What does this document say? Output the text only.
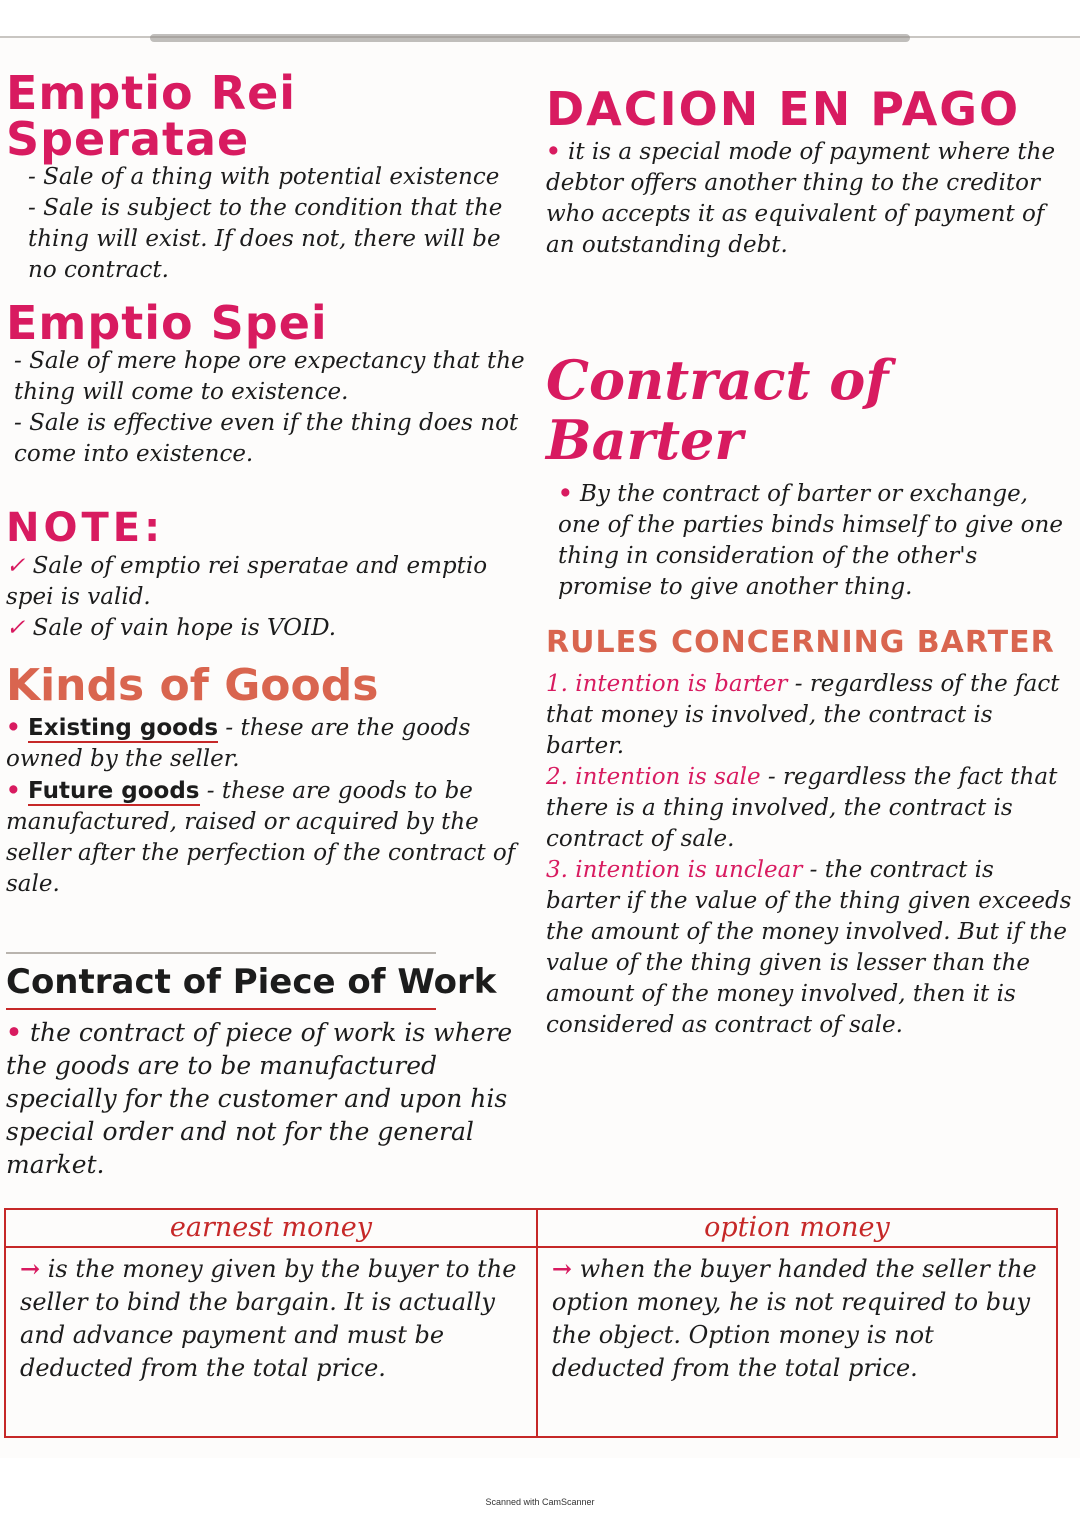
Emptio Rei Speratae

- Sale of a thing with potential existence

- Sale is subject to the condition that the thing will exist. If does not, there will be no contract.

Emptio Spei

- Sale of mere hope ore expectancy that the thing will come to existence.

- Sale is effective even if the thing does not come into existence.

NOTE:

✓ Sale of emptio rei speratae and emptio spei is valid.

✓ Sale of vain hope is VOID.

Kinds of Goods

• Existing goods - these are the goods owned by the seller.

• Future goods - these are goods to be manufactured, raised or acquired by the seller after the perfection of the contract of sale.

Contract of Piece of Work

• the contract of piece of work is where the goods are to be manufactured specially for the customer and upon his special order and not for the general market.

DACION EN PAGO

• it is a special mode of payment where the debtor offers another thing to the creditor who accepts it as equivalent of payment of an outstanding debt.

Contract of Barter

• By the contract of barter or exchange, one of the parties binds himself to give one thing in consideration of the other's promise to give another thing.

RULES CONCERNING BARTER

1. intention is barter - regardless of the fact that money is involved, the contract is barter.

2. intention is sale - regardless the fact that there is a thing involved, the contract is contract of sale.

3. intention is unclear - the contract is barter if the value of the thing given exceeds the amount of the money involved. But if the value of the thing given is lesser than the amount of the money involved, then it is considered as contract of sale.

earnest money	option money

→ is the money given by the buyer to the seller to bind the bargain. It is actually and advance payment and must be deducted from the total price.	→ when the buyer handed the seller the option money, he is not required to buy the object. Option money is not deducted from the total price.

Scanned with CamScanner
